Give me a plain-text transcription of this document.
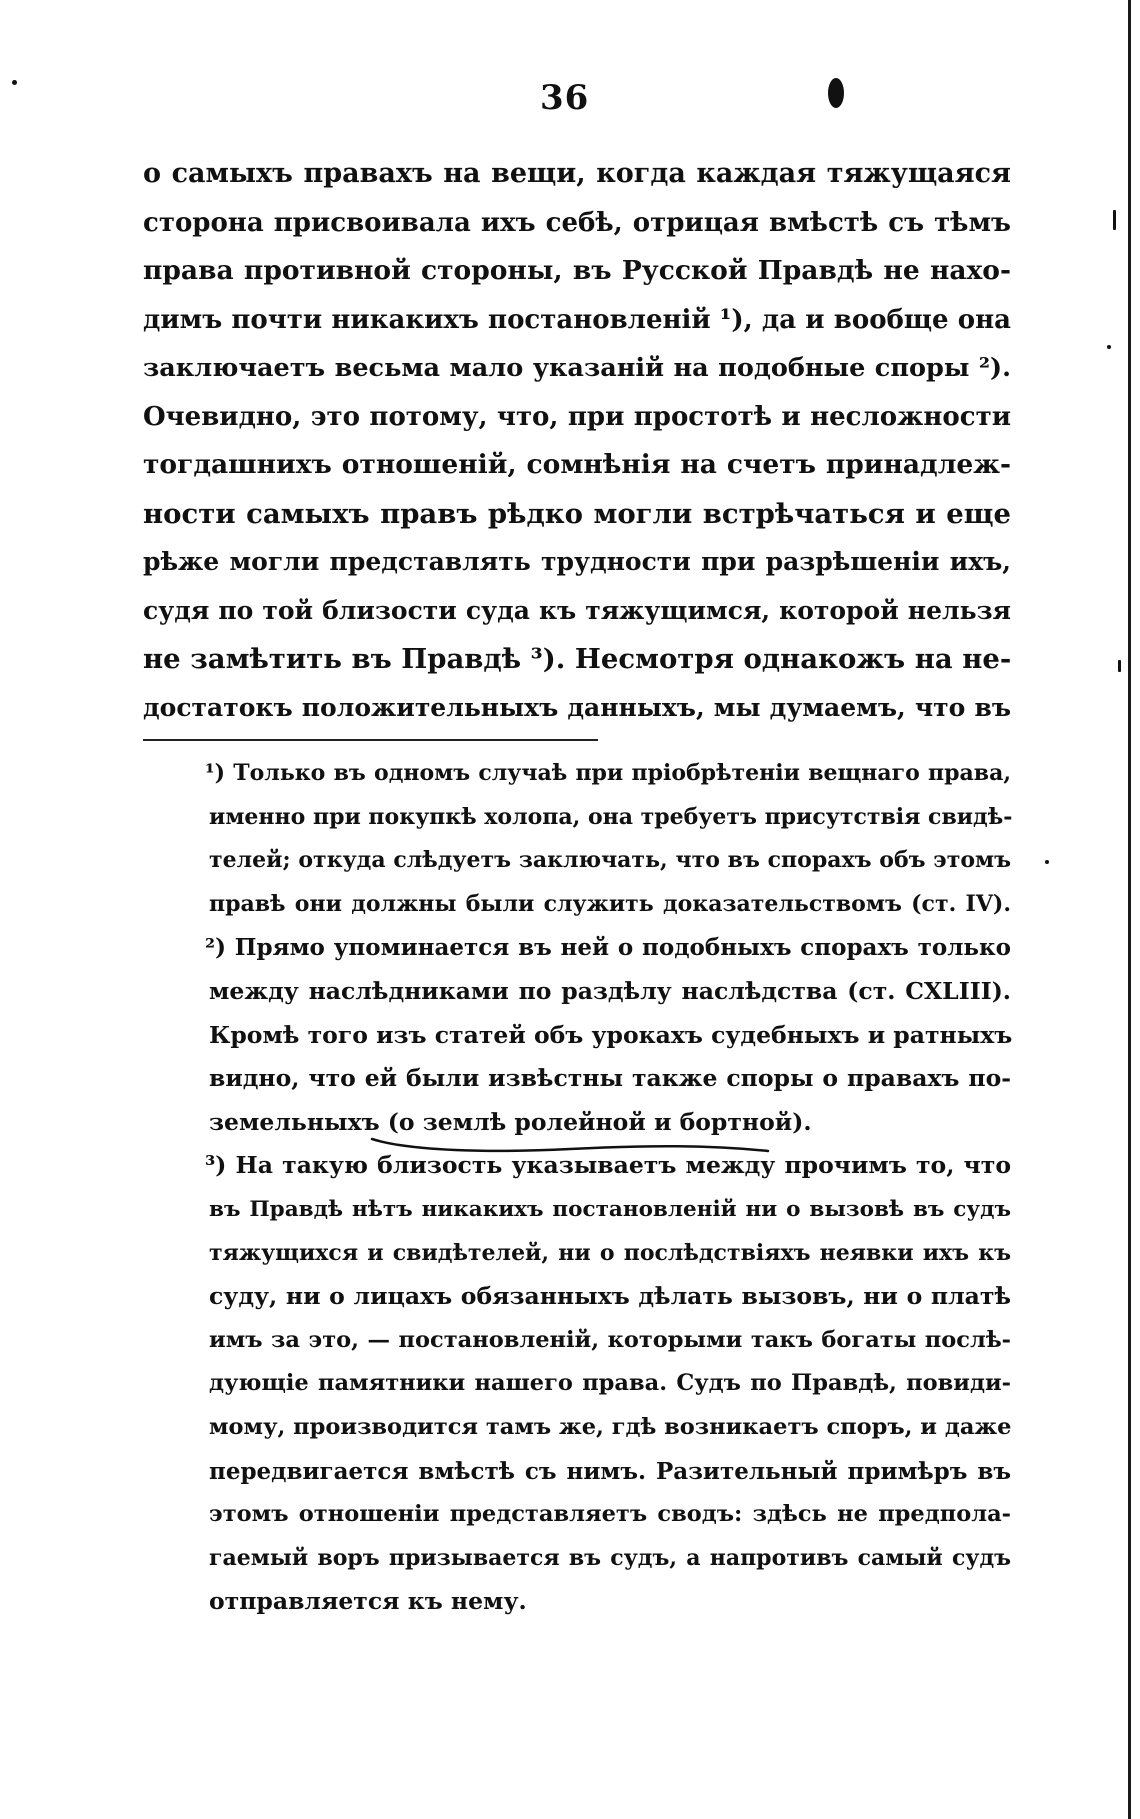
36
о самыхъ правахъ на вещи, когда каждая тяжущаяся
сторона присвоивала ихъ себѣ, отрицая вмѣстѣ съ тѣмъ
права противной стороны, въ Русской Правдѣ не нахо-
димъ почти никакихъ постановленій ¹), да и вообще она
заключаетъ весьма мало указаній на подобные споры ²).
Очевидно, это потому, что, при простотѣ и несложности
тогдашнихъ отношеній, сомнѣнія на счетъ принадлеж-
ности самыхъ правъ рѣдко могли встрѣчаться и еще
рѣже могли представлять трудности при разрѣшеніи ихъ,
судя по той близости суда къ тяжущимся, которой нельзя
не замѣтить въ Правдѣ ³). Несмотря однакожъ на не-
достатокъ положительныхъ данныхъ, мы думаемъ, что въ
¹) Только въ одномъ случаѣ при пріобрѣтеніи вещнаго права,
именно при покупкѣ холопа, она требуетъ присутствія свидѣ-
телей; откуда слѣдуетъ заключать, что въ спорахъ объ этомъ
правѣ они должны были служить доказательствомъ (ст. IV).
²) Прямо упоминается въ ней о подобныхъ спорахъ только
между наслѣдниками по раздѣлу наслѣдства (ст. CXLIII).
Кромѣ того изъ статей объ урокахъ судебныхъ и ратныхъ
видно, что ей были извѣстны также споры о правахъ по-
земельныхъ (о землѣ ролейной и бортной).
³) На такую близость указываетъ между прочимъ то, что
въ Правдѣ нѣтъ никакихъ постановленій ни о вызовѣ въ судъ
тяжущихся и свидѣтелей, ни о послѣдствіяхъ неявки ихъ къ
суду, ни о лицахъ обязанныхъ дѣлать вызовъ, ни о платѣ
имъ за это, — постановленій, которыми такъ богаты послѣ-
дующіе памятники нашего права. Судъ по Правдѣ, повиди-
мому, производится тамъ же, гдѣ возникаетъ споръ, и даже
передвигается вмѣстѣ съ нимъ. Разительный примѣръ въ
этомъ отношеніи представляетъ сводъ: здѣсь не предпола-
гаемый воръ призывается въ судъ, а напротивъ самый судъ
отправляется къ нему.
